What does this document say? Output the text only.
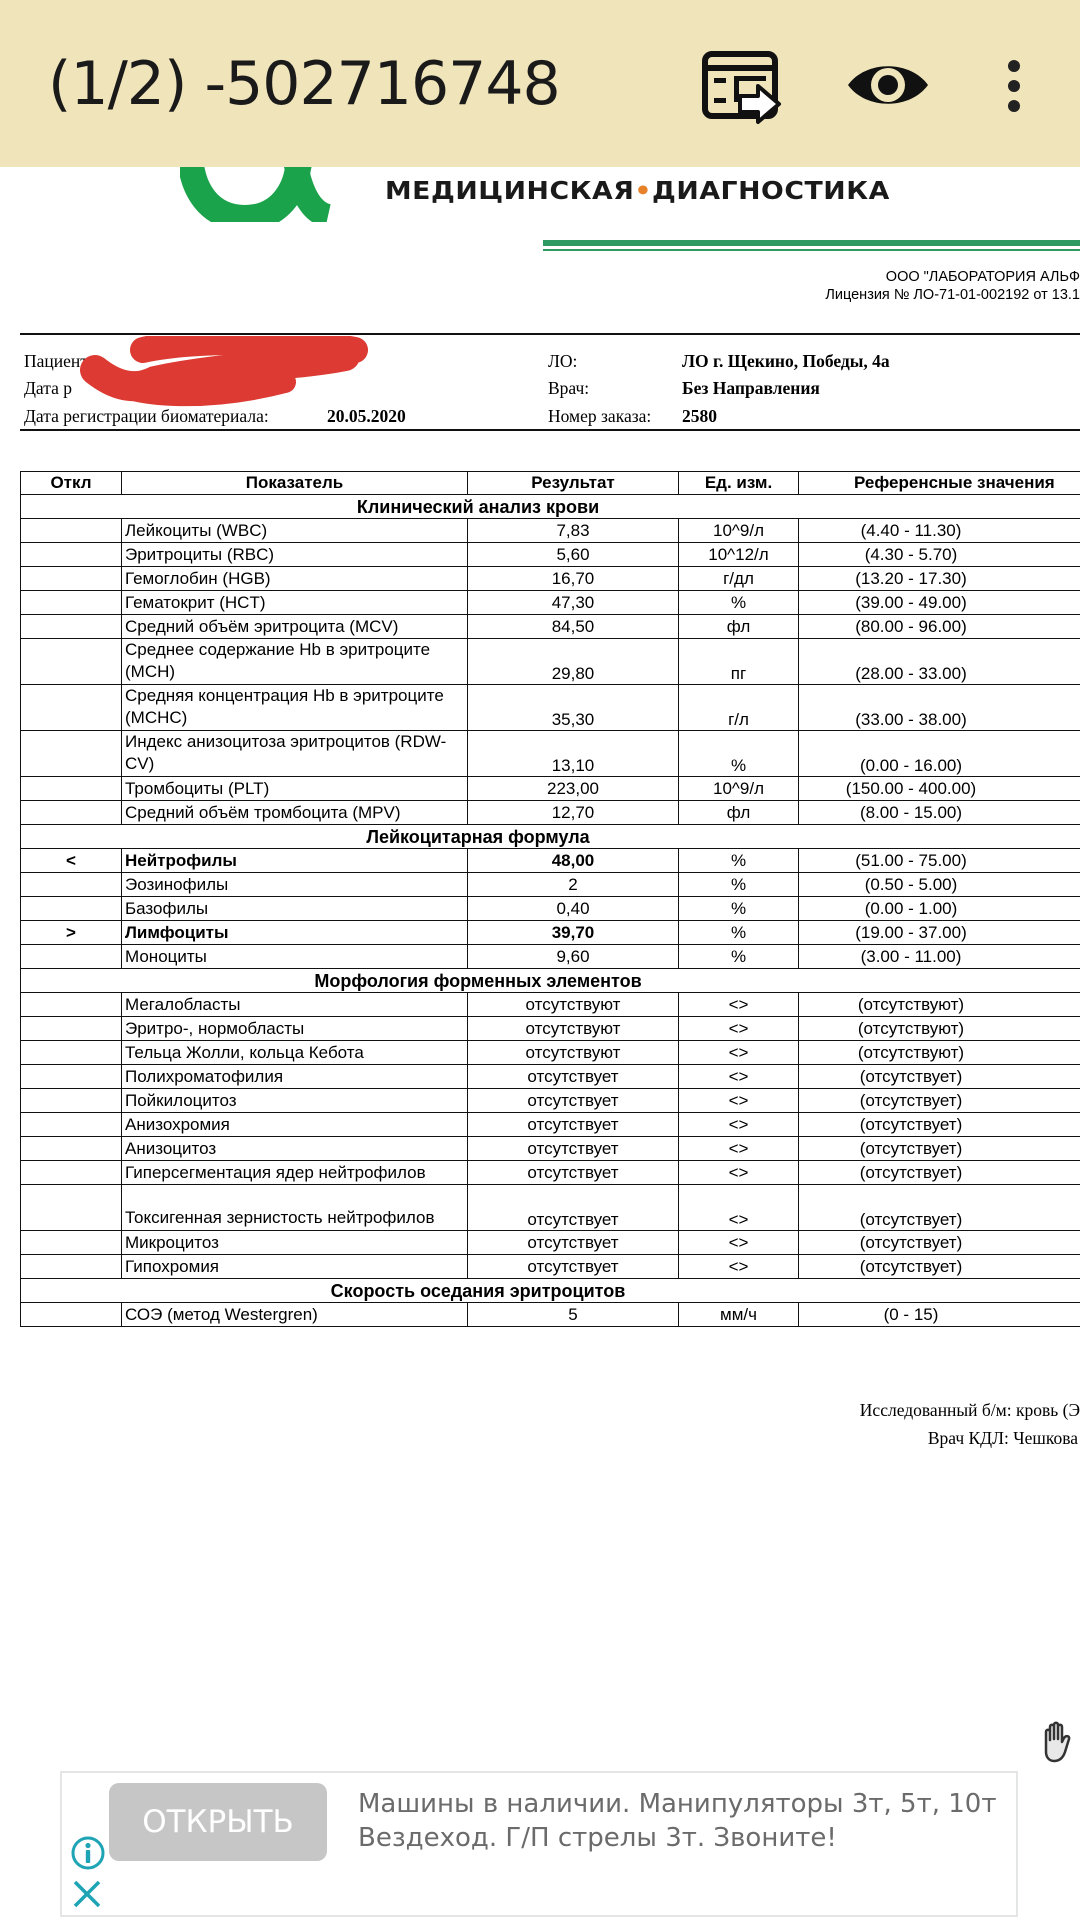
МЕДИЦИНСКАЯ•ДИАГНОСТИКА
ООО "ЛАБОРАТОРИЯ АЛЬФ
Лицензия № ЛО-71-01-002192 от 13.1
Пациент:
Дата р
Дата регистрации биоматериала:	20.05.2020
ЛО:	ЛО г. Щекино, Победы, 4а
Врач:	Без Направления
Номер заказа: 2580
Откл	Показатель	Результат	Ед. изм.	Референсные значения
Клинический анализ крови				
	Лейкоциты (WBC)	7,83	10^9/л	(4.40 - 11.30)
	Эритроциты (RBC)	5,60	10^12/л	(4.30 - 5.70)
	Гемоглобин (HGB)	16,70	г/дл	(13.20 - 17.30)
	Гематокрит (HCT)	47,30	%	(39.00 - 49.00)
	Средний объём эритроцита (MCV)	84,50	фл	(80.00 - 96.00)
	Среднее содержание Hb в эритроците (MCH)	29,80	пг	(28.00 - 33.00)
	Средняя концентрация Hb в эритроците (MCHC)	35,30	г/л	(33.00 - 38.00)
	Индекс анизоцитоза эритроцитов (RDW-CV)	13,10	%	(0.00 - 16.00)
	Тромбоциты (PLT)	223,00	10^9/л	(150.00 - 400.00)
	Средний объём тромбоцита (MPV)	12,70	фл	(8.00 - 15.00)
Лейкоцитарная формула				
<	Нейтрофилы	48,00	%	(51.00 - 75.00)
	Эозинофилы	2	%	(0.50 - 5.00)
	Базофилы	0,40	%	(0.00 - 1.00)
>	Лимфоциты	39,70	%	(19.00 - 37.00)
	Моноциты	9,60	%	(3.00 - 11.00)
Морфология форменных элементов				
	Мегалобласты	отсутствуют	<>	(отсутствуют)
	Эритро-, нормобласты	отсутствуют	<>	(отсутствуют)
	Тельца Жолли, кольца Кебота	отсутствуют	<>	(отсутствуют)
	Полихроматофилия	отсутствует	<>	(отсутствует)
	Пойкилоцитоз	отсутствует	<>	(отсутствует)
	Анизохромия	отсутствует	<>	(отсутствует)
	Анизоцитоз	отсутствует	<>	(отсутствует)
	Гиперсегментация ядер нейтрофилов	отсутствует	<>	(отсутствует)
	Токсигенная зернистость нейтрофилов	отсутствует	<>	(отсутствует)
	Микроцитоз	отсутствует	<>	(отсутствует)
	Гипохромия	отсутствует	<>	(отсутствует)
Скорость оседания эритроцитов				
	СОЭ (метод Westergren)	5	мм/ч	(0 - 15)
Исследованный б/м: кровь (Э
Врач КДЛ: Чешкова
(1/2) -502716748
ОТКРЫТЬ	Машины в наличии. Манипуляторы 3т, 5т, 10т
Вездеход. Г/П стрелы 3т. Звоните!
